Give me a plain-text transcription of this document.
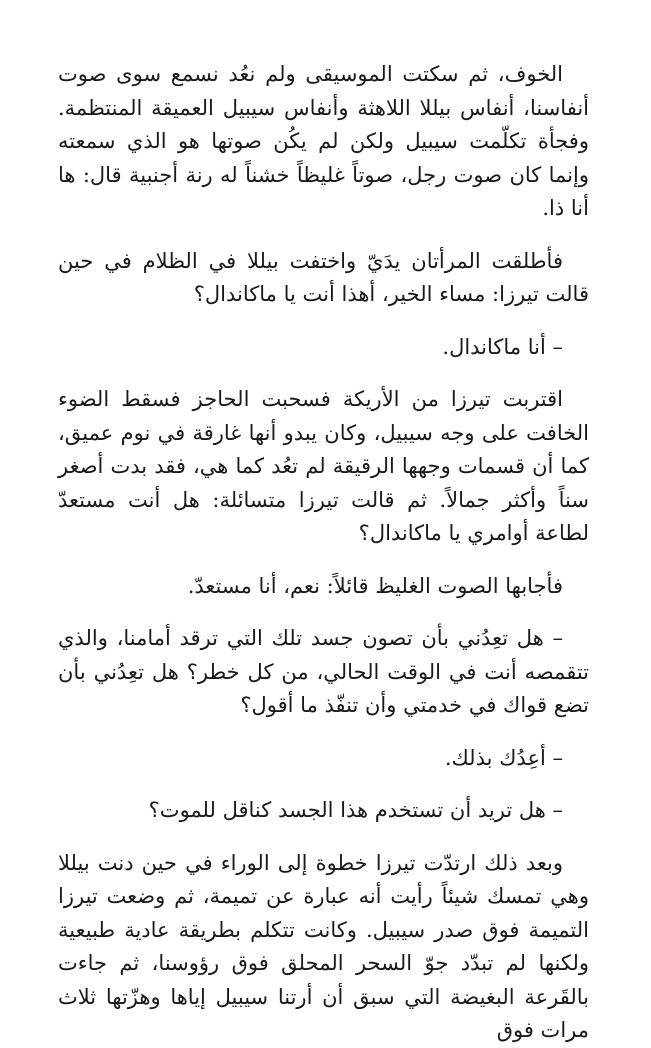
الخوف، ثم سكتت الموسيقى ولم نعُد نسمع سوى صوت أنفاسنا، أنفاس بيللا اللاهثة وأنفاس سيبيل العميقة المنتظمة. وفجأة تكلّمت سيبيل ولكن لم يكُن صوتها هو الذي سمعته وإنما كان صوت رجل، صوتاً غليظاً خشناً له رنة أجنبية قال: ها أنا ذا.

فأطلقت المرأتان يدَيّ واختفت بيللا في الظلام في حين قالت تيرزا: مساء الخير، أهذا أنت يا ماكاندال؟

– أنا ماكاندال.

اقتربت تيرزا من الأريكة فسحبت الحاجز فسقط الضوء الخافت على وجه سيبيل، وكان يبدو أنها غارقة في نوم عميق، كما أن قسمات وجهها الرقيقة لم تعُد كما هي، فقد بدت أصغر سناً وأكثر جمالاً. ثم قالت تيرزا متسائلة: هل أنت مستعدّ لطاعة أوامري يا ماكاندال؟

فأجابها الصوت الغليظ قائلاً: نعم، أنا مستعدّ.

– هل تعِدُني بأن تصون جسد تلك التي ترقد أمامنا، والذي تتقمصه أنت في الوقت الحالي، من كل خطر؟ هل تعِدُني بأن تضع قواك في خدمتي وأن تنفّذ ما أقول؟

– أعِدُك بذلك.

– هل تريد أن تستخدم هذا الجسد كناقل للموت؟

وبعد ذلك ارتدّت تيرزا خطوة إلى الوراء في حين دنت بيللا وهي تمسك شيئاً رأيت أنه عبارة عن تميمة، ثم وضعت تيرزا التميمة فوق صدر سيبيل. وكانت تتكلم بطريقة عادية طبيعية ولكنها لم تبدّد جوّ السحر المحلق فوق رؤوسنا، ثم جاءت بالقَرعة البغيضة التي سبق أن أرتنا سيبيل إياها وهزّتها ثلاث مرات فوق
